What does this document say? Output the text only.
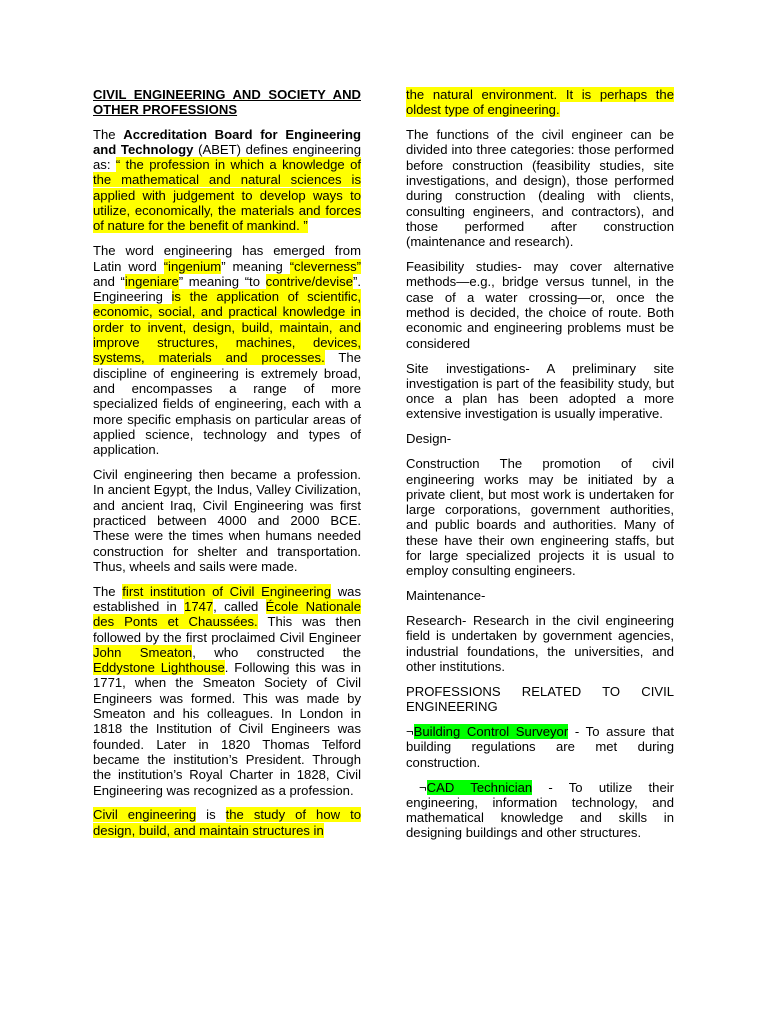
CIVIL ENGINEERING AND SOCIETY AND OTHER PROFESSIONS

The Accreditation Board for Engineering and Technology (ABET) defines engineering as: “ the profession in which a knowledge of the mathematical and natural sciences is applied with judgement to develop ways to utilize, economically, the materials and forces of nature for the benefit of mankind. ”

The word engineering has emerged from Latin word “ingenium” meaning “cleverness” and “ingeniare” meaning “to contrive/devise”. Engineering is the application of scientific, economic, social, and practical knowledge in order to invent, design, build, maintain, and improve structures, machines, devices, systems, materials and processes. The discipline of engineering is extremely broad, and encompasses a range of more specialized fields of engineering, each with a more specific emphasis on particular areas of applied science, technology and types of application.

Civil engineering then became a profession. In ancient Egypt, the Indus, Valley Civilization, and ancient Iraq, Civil Engineering was first practiced between 4000 and 2000 BCE. These were the times when humans needed construction for shelter and transportation. Thus, wheels and sails were made.

The first institution of Civil Engineering was established in 1747, called École Nationale des Ponts et Chaussées. This was then followed by the first proclaimed Civil Engineer John Smeaton, who constructed the Eddystone Lighthouse. Following this was in 1771, when the Smeaton Society of Civil Engineers was formed. This was made by Smeaton and his colleagues. In London in 1818 the Institution of Civil Engineers was founded. Later in 1820 Thomas Telford became the institution’s President. Through the institution’s Royal Charter in 1828, Civil Engineering was recognized as a profession.

Civil engineering is the study of how to design, build, and maintain structures in

the natural environment. It is perhaps the oldest type of engineering.

The functions of the civil engineer can be divided into three categories: those performed before construction (feasibility studies, site investigations, and design), those performed during construction (dealing with clients, consulting engineers, and contractors), and those performed after construction (maintenance and research).

Feasibility studies- may cover alternative methods—e.g., bridge versus tunnel, in the case of a water crossing—or, once the method is decided, the choice of route. Both economic and engineering problems must be considered

Site investigations- A preliminary site investigation is part of the feasibility study, but once a plan has been adopted a more extensive investigation is usually imperative.

Design-

Construction The promotion of civil engineering works may be initiated by a private client, but most work is undertaken for large corporations, government authorities, and public boards and authorities. Many of these have their own engineering staffs, but for large specialized projects it is usual to employ consulting engineers.

Maintenance-

Research- Research in the civil engineering field is undertaken by government agencies, industrial foundations, the universities, and other institutions.

PROFESSIONS RELATED TO CIVIL ENGINEERING

¬Building Control Surveyor - To assure that building regulations are met during construction.

¬CAD Technician - To utilize their engineering, information technology, and mathematical knowledge and skills in designing buildings and other structures.
